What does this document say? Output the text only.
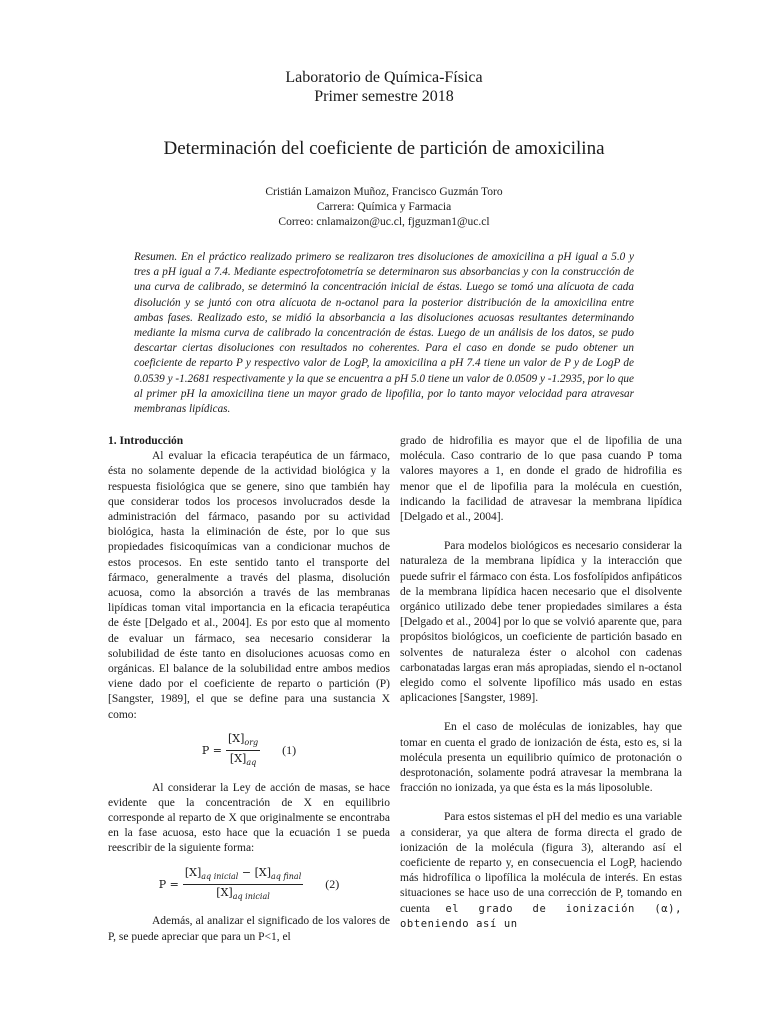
Laboratorio de Química-Física
Primer semestre 2018
Determinación del coeficiente de partición de amoxicilina
Cristián Lamaizon Muñoz, Francisco Guzmán Toro
Carrera: Química y Farmacia
Correo: cnlamaizon@uc.cl, fjguzman1@uc.cl
Resumen. En el práctico realizado primero se realizaron tres disoluciones de amoxicilina a pH igual a 5.0 y tres a pH igual a 7.4. Mediante espectrofotometría se determinaron sus absorbancias y con la construcción de una curva de calibrado, se determinó la concentración inicial de éstas. Luego se tomó una alícuota de cada disolución y se juntó con otra alícuota de n-octanol para la posterior distribución de la amoxicilina entre ambas fases. Realizado esto, se midió la absorbancia a las disoluciones acuosas resultantes determinando mediante la misma curva de calibrado la concentración de éstas. Luego de un análisis de los datos, se pudo descartar ciertas disoluciones con resultados no coherentes. Para el caso en donde se pudo obtener un coeficiente de reparto P y respectivo valor de LogP, la amoxicilina a pH 7.4 tiene un valor de P y de LogP de 0.0539 y -1.2681 respectivamente y la que se encuentra a pH 5.0 tiene un valor de 0.0509 y -1.2935, por lo que al primer pH la amoxicilina tiene un mayor grado de lipofilia, por lo tanto mayor velocidad para atravesar membranas lipídicas.
1. Introducción

Al evaluar la eficacia terapéutica de un fármaco, ésta no solamente depende de la actividad biológica y la respuesta fisiológica que se genere, sino que también hay que considerar todos los procesos involucrados desde la administración del fármaco, pasando por su actividad biológica, hasta la eliminación de éste, por lo que sus propiedades fisicoquímicas van a condicionar muchos de estos procesos. En este sentido tanto el transporte del fármaco, generalmente a través del plasma, disolución acuosa, como la absorción a través de las membranas lipídicas toman vital importancia en la eficacia terapéutica de éste [Delgado et al., 2004]. Es por esto que al momento de evaluar un fármaco, sea necesario considerar la solubilidad de éste tanto en disoluciones acuosas como en orgánicas. El balance de la solubilidad entre ambos medios viene dado por el coeficiente de reparto o partición (P) [Sangster, 1989], el que se define para una sustancia X como:

$P = \frac{[X]_{org}}{[X]_{aq}} (1)$

Al considerar la Ley de acción de masas, se hace evidente que la concentración de X en equilibrio corresponde al reparto de X que originalmente se encontraba en la fase acuosa, esto hace que la ecuación 1 se pueda reescribir de la siguiente forma:

$P = \frac{[X]_{aq inicial} - [X]_{aq final}}{[X]_{aq inicial}} (2)$

Además, al analizar el significado de los valores de P, se puede apreciar que para un P<1, el

grado de hidrofilia es mayor que el de lipofilia de una molécula. Caso contrario de lo que pasa cuando P toma valores mayores a 1, en donde el grado de hidrofilia es menor que el de lipofilia para la molécula en cuestión, indicando la facilidad de atravesar la membrana lipídica [Delgado et al., 2004].

Para modelos biológicos es necesario considerar la naturaleza de la membrana lipídica y la interacción que puede sufrir el fármaco con ésta. Los fosfolípidos anfipáticos de la membrana lipídica hacen necesario que el disolvente orgánico utilizado debe tener propiedades similares a ésta [Delgado et al., 2004] por lo que se volvió aparente que, para propósitos biológicos, un coeficiente de partición basado en solventes de naturaleza éster o alcohol con cadenas carbonatadas largas eran más apropiadas, siendo el n-octanol elegido como el solvente lipofílico más usado en estas aplicaciones [Sangster, 1989].

En el caso de moléculas de ionizables, hay que tomar en cuenta el grado de ionización de ésta, esto es, si la molécula presenta un equilibrio químico de protonación o desprotonación, solamente podrá atravesar la membrana la fracción no ionizada, ya que ésta es la más liposoluble.

Para estos sistemas el pH del medio es una variable a considerar, ya que altera de forma directa el grado de ionización de la molécula (figura 3), alterando así el coeficiente de reparto y, en consecuencia el LogP, haciendo más hidrofílica o lipofílica la molécula de interés. En estas situaciones se hace uso de una corrección de P, tomando en cuenta el grado de ionización (α), obteniendo así un
